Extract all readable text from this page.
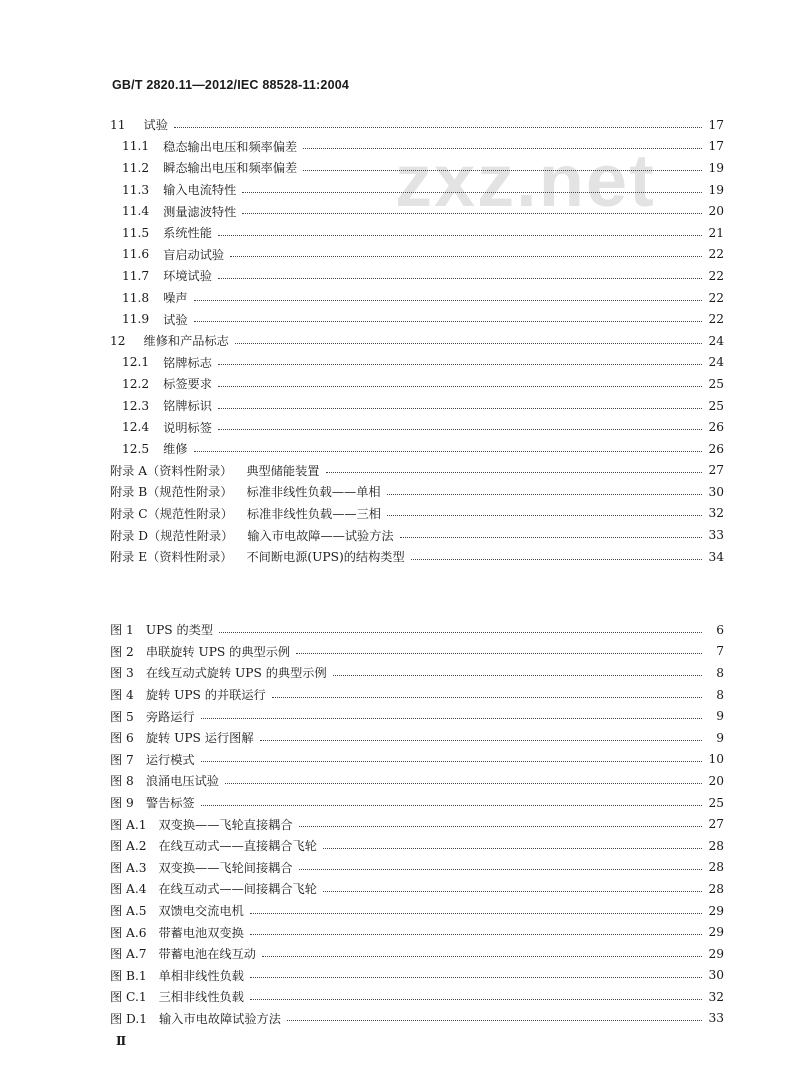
GB/T 2820.11—2012/IEC 88528-11:2004
zxz.net
11 试验	17
11.1 稳态输出电压和频率偏差	17
11.2 瞬态输出电压和频率偏差	19
11.3 输入电流特性	19
11.4 测量滤波特性	20
11.5 系统性能	21
11.6 盲启动试验	22
11.7 环境试验	22
11.8 噪声	22
11.9 试验	22
12 维修和产品标志	24
12.1 铭牌标志	24
12.2 标签要求	25
12.3 铭牌标识	25
12.4 说明标签	26
12.5 维修	26
附录 A（资料性附录） 典型储能装置	27
附录 B（规范性附录） 标准非线性负载——单相	30
附录 C（规范性附录） 标准非线性负载——三相	32
附录 D（规范性附录） 输入市电故障——试验方法	33
附录 E（资料性附录） 不间断电源(UPS)的结构类型	34
图 1 UPS 的类型	6
图 2 串联旋转 UPS 的典型示例	7
图 3 在线互动式旋转 UPS 的典型示例	8
图 4 旋转 UPS 的并联运行	8
图 5 旁路运行	9
图 6 旋转 UPS 运行图解	9
图 7 运行模式	10
图 8 浪涌电压试验	20
图 9 警告标签	25
图 A.1 双变换——飞轮直接耦合	27
图 A.2 在线互动式——直接耦合飞轮	28
图 A.3 双变换——飞轮间接耦合	28
图 A.4 在线互动式——间接耦合飞轮	28
图 A.5 双馈电交流电机	29
图 A.6 带蓄电池双变换	29
图 A.7 带蓄电池在线互动	29
图 B.1 单相非线性负载	30
图 C.1 三相非线性负载	32
图 D.1 输入市电故障试验方法	33
Ⅱ
